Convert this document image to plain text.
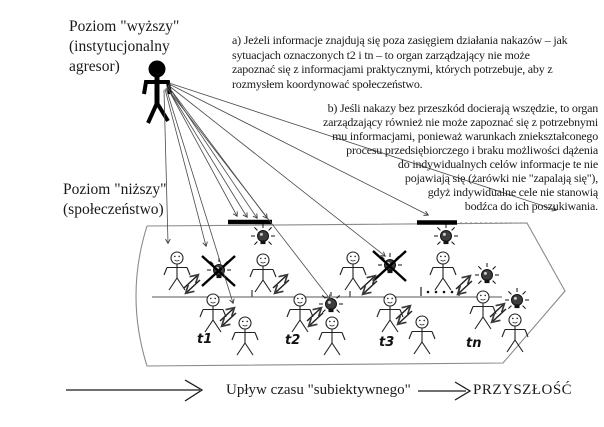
Poziom "wyższy"
(instytucjonalny
agresor)
Poziom "niższy"
(społeczeństwo)
a) Jeżeli informacje znajdują się poza zasięgiem działania nakazów – jak
sytuacjach oznaczonych t2 i tn – to organ zarządzający nie może
zapoznać się z informacjami praktycznymi, których potrzebuje, aby z
rozmysłem koordynować społeczeństwo.
b) Jeśli nakazy bez przeszkód docierają wszędzie, to organ
zarządzający również nie może zapoznać się z potrzebnymi
mu informacjami, ponieważ warunkach zniekształconego
procesu przedsiębiorczego i braku możliwości dążenia
do indywidualnych celów informacje te nie
pojawiają się (żarówki nie "zapalają się"),
gdyż indywidualne cele nie stanowią
bodźca do ich poszukiwania.
t1	t2	t3	tn
Upływ czasu "subiektywnego"	PRZYSZŁOŚĆ
